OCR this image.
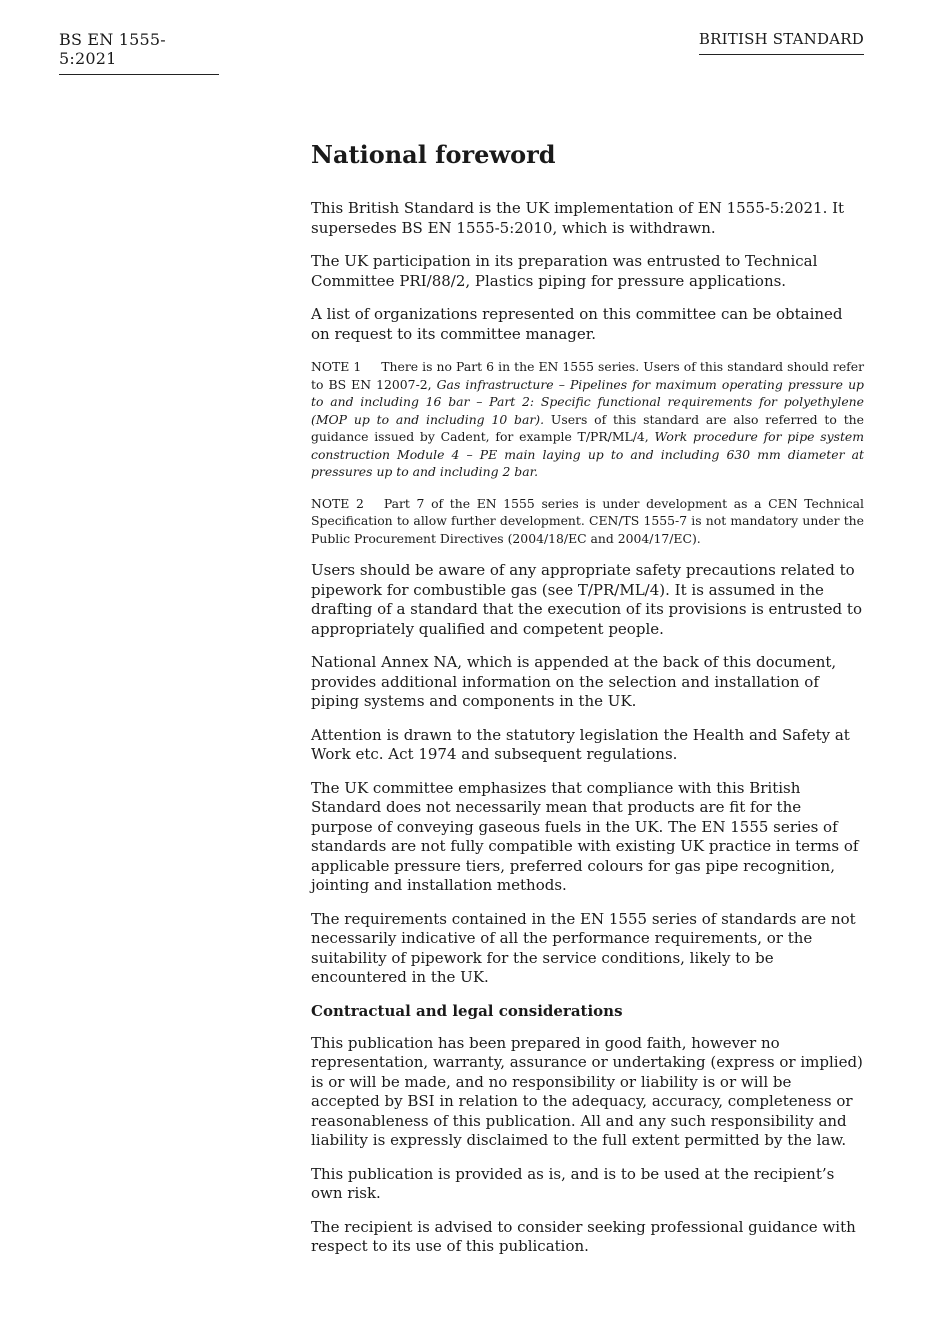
BS EN 1555-5:2021
BRITISH STANDARD
National foreword

This British Standard is the UK implementation of EN 1555-5:2021. It supersedes BS EN 1555-5:2010, which is withdrawn.

The UK participation in its preparation was entrusted to Technical Committee PRI/88/2, Plastics piping for pressure applications.

A list of organizations represented on this committee can be obtained on request to its committee manager.

NOTE 1 There is no Part 6 in the EN 1555 series. Users of this standard should refer to BS EN 12007-2, Gas infrastructure – Pipelines for maximum operating pressure up to and including 16 bar – Part 2: Specific functional requirements for polyethylene (MOP up to and including 10 bar). Users of this standard are also referred to the guidance issued by Cadent, for example T/PR/ML/4, Work procedure for pipe system construction Module 4 – PE main laying up to and including 630 mm diameter at pressures up to and including 2 bar.
NOTE 2 Part 7 of the EN 1555 series is under development as a CEN Technical Specification to allow further development. CEN/TS 1555-7 is not mandatory under the Public Procurement Directives (2004/18/EC and 2004/17/EC).

Users should be aware of any appropriate safety precautions related to pipework for combustible gas (see T/PR/ML/4). It is assumed in the drafting of a standard that the execution of its provisions is entrusted to appropriately qualified and competent people.

National Annex NA, which is appended at the back of this document, provides additional information on the selection and installation of piping systems and components in the UK.

Attention is drawn to the statutory legislation the Health and Safety at Work etc. Act 1974 and subsequent regulations.

The UK committee emphasizes that compliance with this British Standard does not necessarily mean that products are fit for the purpose of conveying gaseous fuels in the UK. The EN 1555 series of standards are not fully compatible with existing UK practice in terms of applicable pressure tiers, preferred colours for gas pipe recognition, jointing and installation methods.

The requirements contained in the EN 1555 series of standards are not necessarily indicative of all the performance requirements, or the suitability of pipework for the service conditions, likely to be encountered in the UK.

Contractual and legal considerations

This publication has been prepared in good faith, however no representation, warranty, assurance or undertaking (express or implied) is or will be made, and no responsibility or liability is or will be accepted by BSI in relation to the adequacy, accuracy, completeness or reasonableness of this publication. All and any such responsibility and liability is expressly disclaimed to the full extent permitted by the law.

This publication is provided as is, and is to be used at the recipient’s own risk.

The recipient is advised to consider seeking professional guidance with respect to its use of this publication.
